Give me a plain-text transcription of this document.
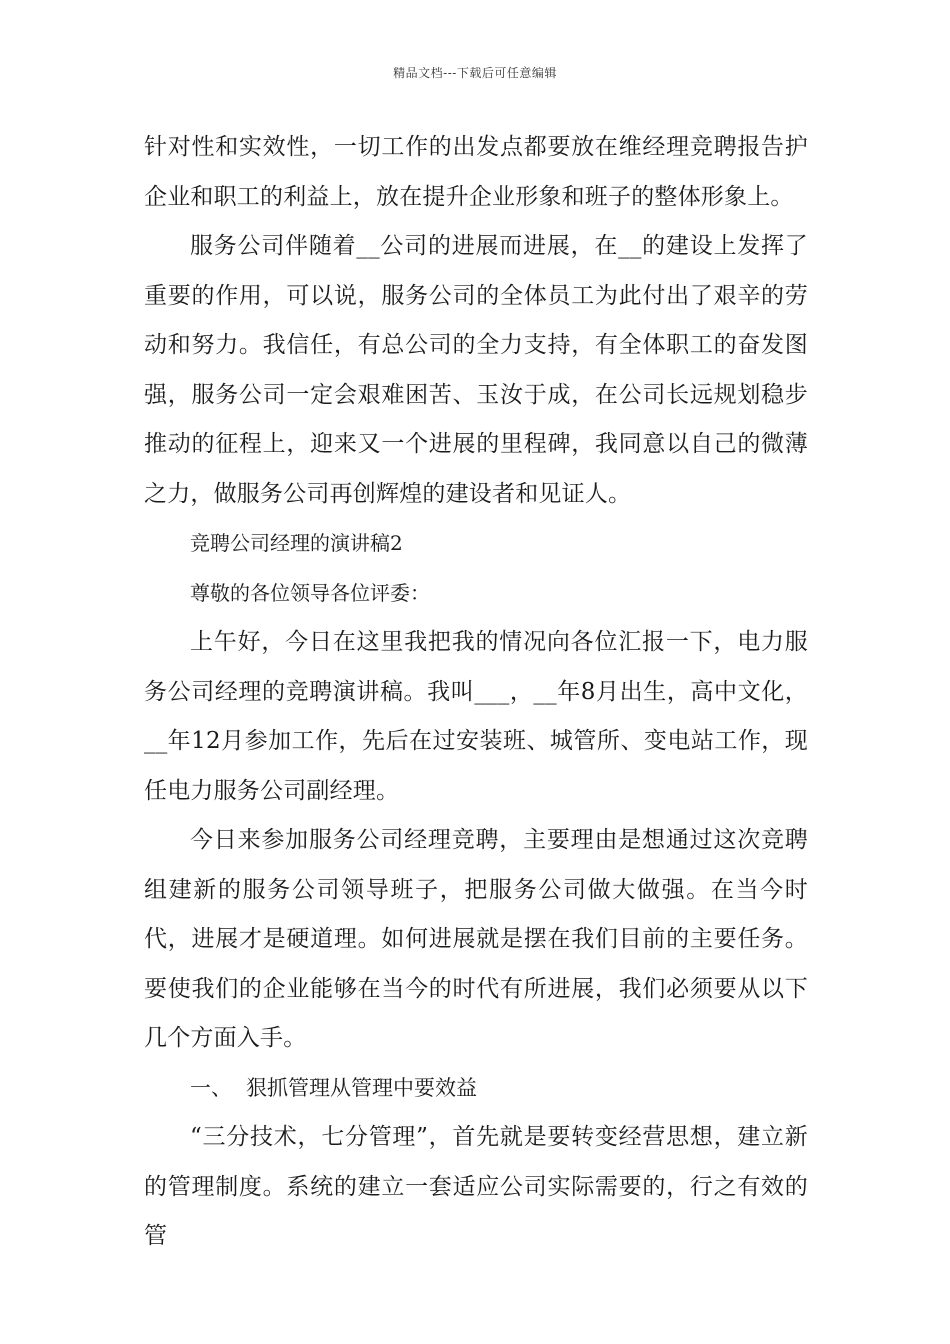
精品文档---下载后可任意编辑

针对性和实效性，一切工作的出发点都要放在维经理竞聘报告护企业和职工的利益上，放在提升企业形象和班子的整体形象上。

服务公司伴随着__公司的进展而进展，在__的建设上发挥了重要的作用，可以说，服务公司的全体员工为此付出了艰辛的劳动和努力。我信任，有总公司的全力支持，有全体职工的奋发图强，服务公司一定会艰难困苦、玉汝于成，在公司长远规划稳步推动的征程上，迎来又一个进展的里程碑，我同意以自己的微薄之力，做服务公司再创辉煌的建设者和见证人。

竞聘公司经理的演讲稿2

尊敬的各位领导各位评委：

上午好，今日在这里我把我的情况向各位汇报一下，电力服务公司经理的竞聘演讲稿。我叫___，__年8月出生，高中文化，__年12月参加工作，先后在过安装班、城管所、变电站工作，现任电力服务公司副经理。

今日来参加服务公司经理竞聘，主要理由是想通过这次竞聘组建新的服务公司领导班子，把服务公司做大做强。在当今时代，进展才是硬道理。如何进展就是摆在我们目前的主要任务。要使我们的企业能够在当今的时代有所进展，我们必须要从以下几个方面入手。

一、 狠抓管理从管理中要效益

“三分技术，七分管理”，首先就是要转变经营思想，建立新的管理制度。系统的建立一套适应公司实际需要的，行之有效的管
